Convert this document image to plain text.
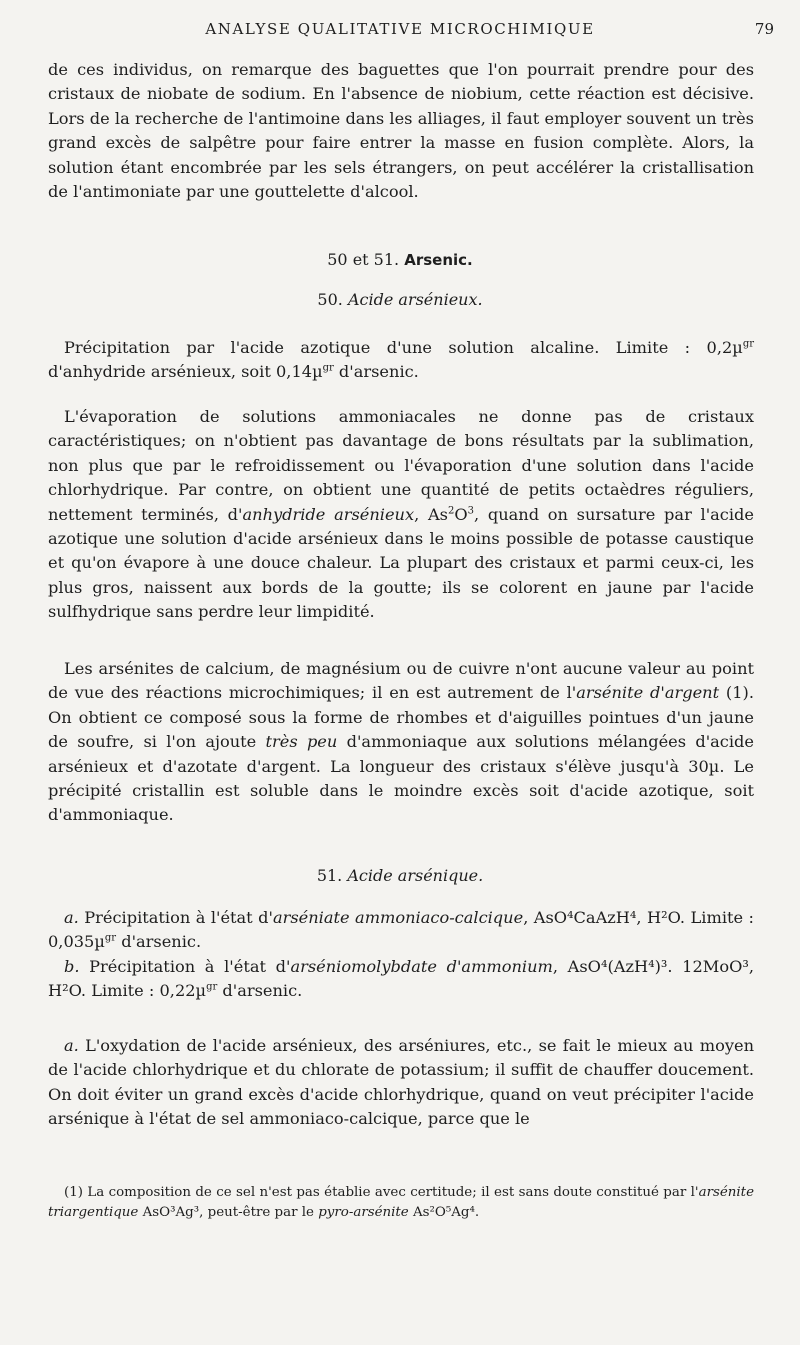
ANALYSE QUALITATIVE MICROCHIMIQUE	79

de ces individus, on remarque des baguettes que l'on pourrait prendre pour des cristaux de niobate de sodium. En l'absence de niobium, cette réaction est décisive. Lors de la recherche de l'antimoine dans les alliages, il faut employer souvent un très grand excès de salpêtre pour faire entrer la masse en fusion complète. Alors, la solution étant encombrée par les sels étrangers, on peut accélérer la cristallisation de l'antimoniate par une gouttelette d'alcool.

50 et 51. Arsenic.
50. Acide arsénieux.

Précipitation par l'acide azotique d'une solution alcaline. Limite : 0,2µ$^{gr}$ d'anhydride arsénieux, soit 0,14µ$^{gr}$ d'arsenic.

L'évaporation de solutions ammoniacales ne donne pas de cristaux caractéristiques; on n'obtient pas davantage de bons résultats par la sublimation, non plus que par le refroidissement ou l'évaporation d'une solution dans l'acide chlorhydrique. Par contre, on obtient une quantité de petits octaèdres réguliers, nettement terminés, d'anhydride arsénieux, $As^2O^3$, quand on sursature par l'acide azotique une solution d'acide arsénieux dans le moins possible de potasse caustique et qu'on évapore à une douce chaleur. La plupart des cristaux et parmi ceux-ci, les plus gros, naissent aux bords de la goutte; ils se colorent en jaune par l'acide sulfhydrique sans perdre leur limpidité.

Les arsénites de calcium, de magnésium ou de cuivre n'ont aucune valeur au point de vue des réactions microchimiques; il en est autrement de l'arsénite d'argent (1). On obtient ce composé sous la forme de rhombes et d'aiguilles pointues d'un jaune de soufre, si l'on ajoute très peu d'ammoniaque aux solutions mélangées d'acide arsénieux et d'azotate d'argent. La longueur des cristaux s'élève jusqu'à 30µ. Le précipité cristallin est soluble dans le moindre excès soit d'acide azotique, soit d'ammoniaque.

51. Acide arsénique.

a. Précipitation à l'état d'arséniate ammoniaco-calcique, AsO⁴CaAzH⁴, H²O. Limite : 0,035µ$^{gr}$ d'arsenic.

b. Précipitation à l'état d'arséniomolybdate d'ammonium, AsO⁴(AzH⁴)³. 12MoO³, H²O. Limite : 0,22µ$^{gr}$ d'arsenic.

a. L'oxydation de l'acide arsénieux, des arséniures, etc., se fait le mieux au moyen de l'acide chlorhydrique et du chlorate de potassium; il suffit de chauffer doucement. On doit éviter un grand excès d'acide chlorhydrique, quand on veut précipiter l'acide arsénique à l'état de sel ammoniaco-calcique, parce que le

(1) La composition de ce sel n'est pas établie avec certitude; il est sans doute constitué par l'arsénite triargentique AsO³Ag³, peut-être par le pyro-arsénite As²O⁵Ag⁴.
